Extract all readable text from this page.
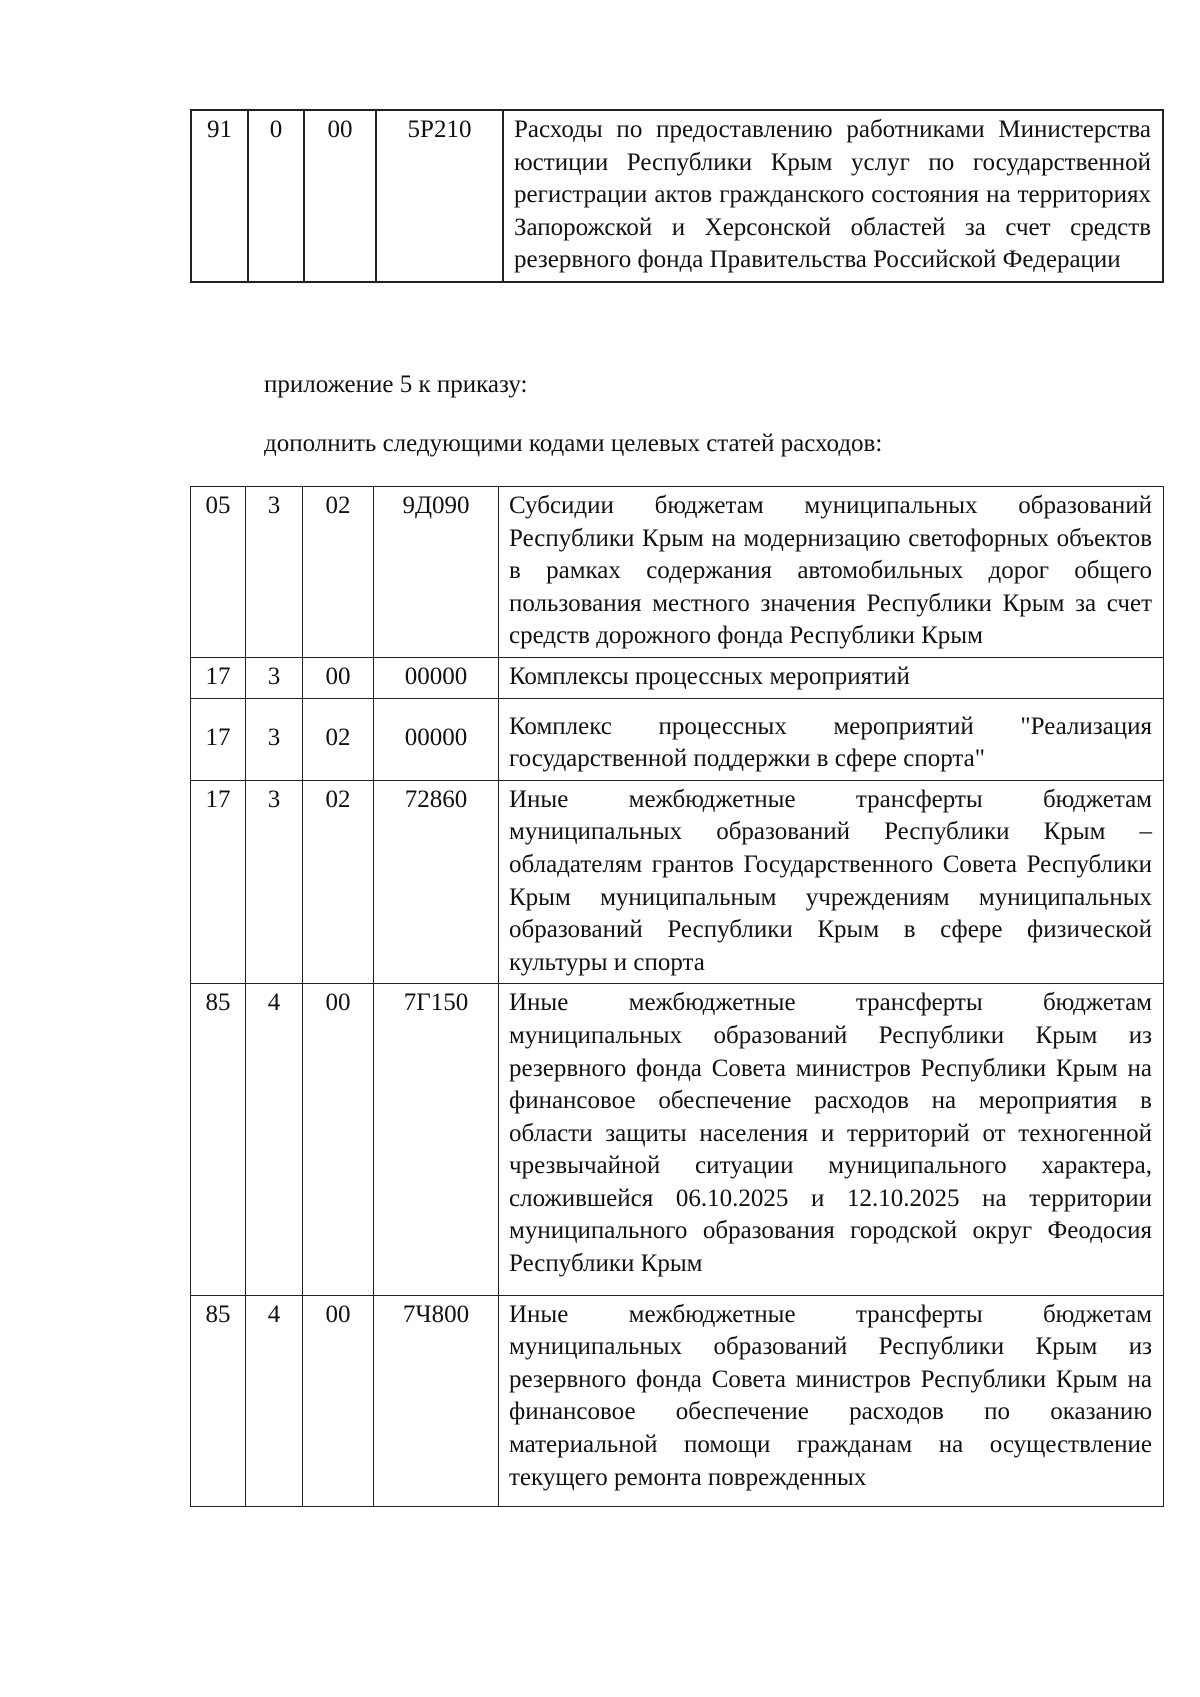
91	0	00	5Р210	Расходы по предоставлению работниками Министерства юстиции Республики Крым услуг по государственной регистрации актов гражданского состояния на территориях Запорожской и Херсонской областей за счет средств резервного фонда Правительства Российской Федерации
приложение 5 к приказу:
дополнить следующими кодами целевых статей расходов:
05	3	02	9Д090	Субсидии бюджетам муниципальных образований Республики Крым на модернизацию светофорных объектов в рамках содержания автомобильных дорог общего пользования местного значения Республики Крым за счет средств дорожного фонда Республики Крым
17	3	00	00000	Комплексы процессных мероприятий
17	3	02	00000	Комплекс процессных мероприятий "Реализация государственной поддержки в сфере спорта"
17	3	02	72860	Иные межбюджетные трансферты бюджетам муниципальных образований Республики Крым – обладателям грантов Государственного Совета Республики Крым муниципальным учреждениям муниципальных образований Республики Крым в сфере физической культуры и спорта
85	4	00	7Г150	Иные межбюджетные трансферты бюджетам муниципальных образований Республики Крым из резервного фонда Совета министров Республики Крым на финансовое обеспечение расходов на мероприятия в области защиты населения и территорий от техногенной чрезвычайной ситуации муниципального характера, сложившейся 06.10.2025 и 12.10.2025 на территории муниципального образования городской округ Феодосия Республики Крым
85	4	00	7Ч800	Иные межбюджетные трансферты бюджетам муниципальных образований Республики Крым из резервного фонда Совета министров Республики Крым на финансовое обеспечение расходов по оказанию материальной помощи гражданам на осуществление текущего ремонта поврежденных
